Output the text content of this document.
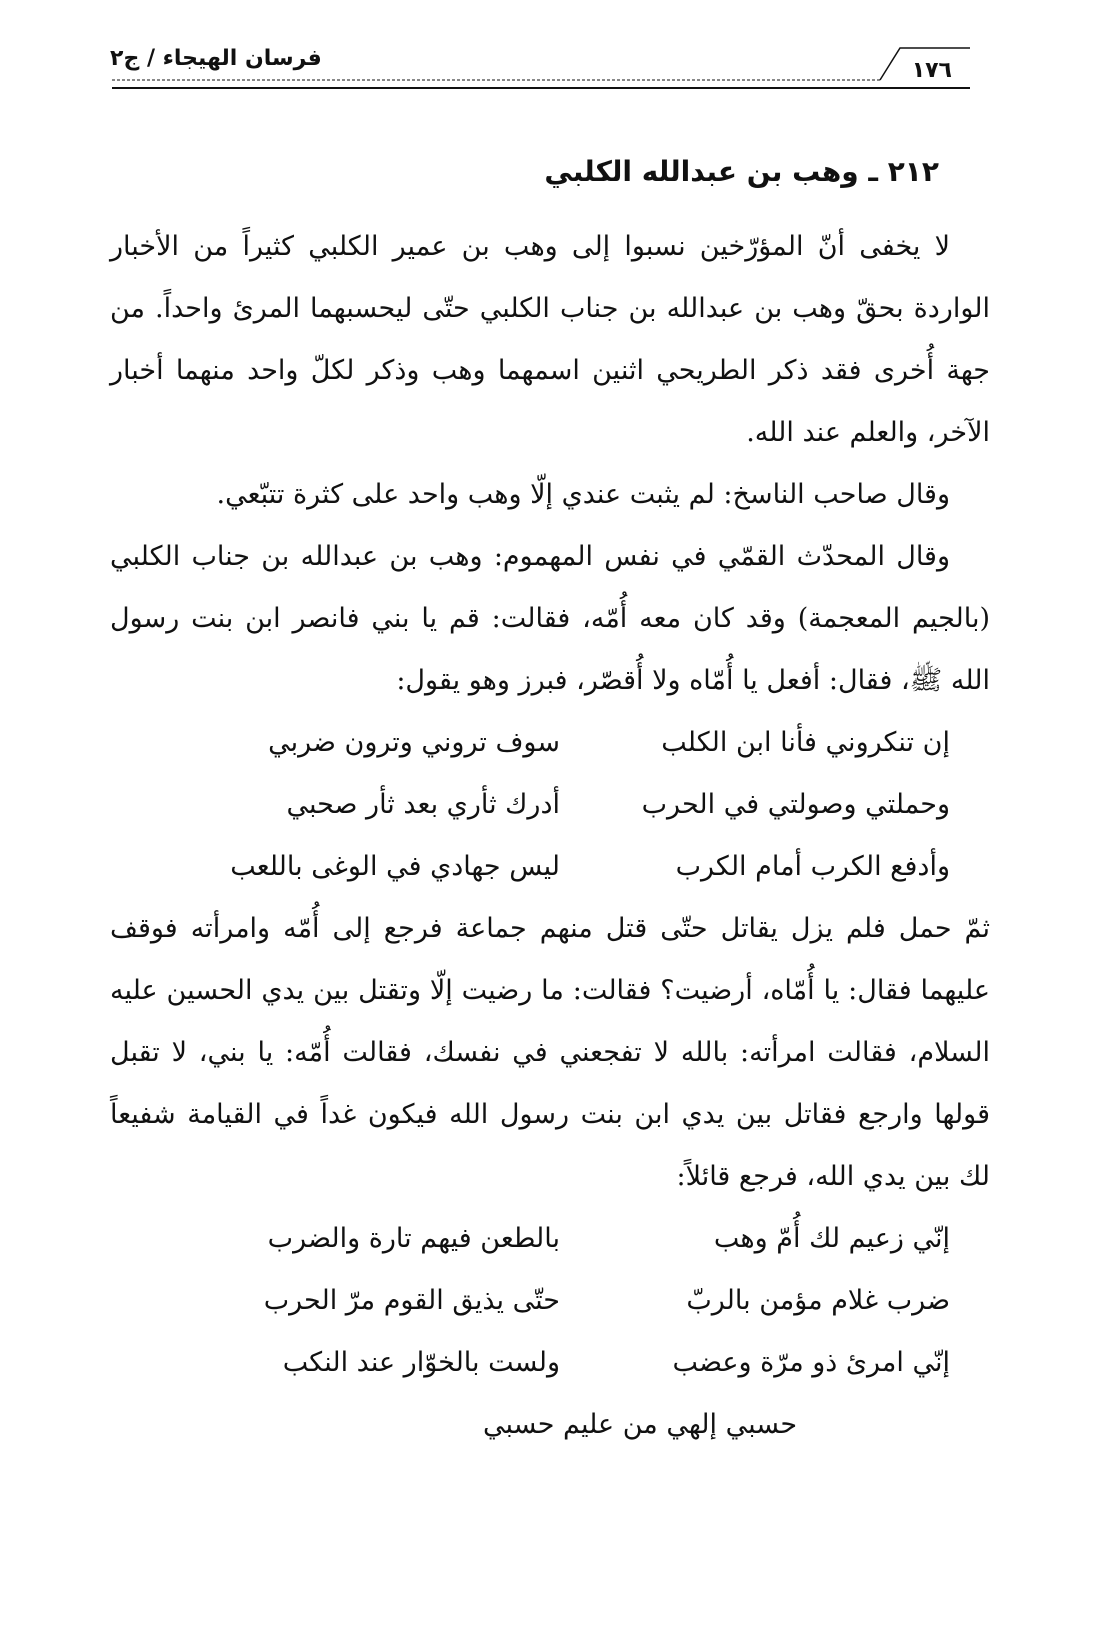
فرسان الهيجاء / ج٢	١٧٦
٢١٢ ـ وهب بن عبدالله الكلبي

لا يخفى أنّ المؤرّخين نسبوا إلى وهب بن عمير الكلبي كثيراً من الأخبار الواردة بحقّ وهب بن عبدالله بن جناب الكلبي حتّى ليحسبهما المرئ واحداً. من جهة أُخرى فقد ذكر الطريحي اثنين اسمهما وهب وذكر لكلّ واحد منهما أخبار الآخر، والعلم عند الله.

وقال صاحب الناسخ: لم يثبت عندي إلّا وهب واحد على كثرة تتبّعي.

وقال المحدّث القمّي في نفس المهموم: وهب بن عبدالله بن جناب الكلبي (بالجيم المعجمة) وقد كان معه أُمّه، فقالت: قم يا بني فانصر ابن بنت رسول الله ﷺ، فقال: أفعل يا أُمّاه ولا أُقصّر، فبرز وهو يقول:

إن تنكروني فأنا ابن الكلب
سوف تروني وترون ضربي
وحملتي وصولتي في الحرب
أدرك ثأري بعد ثأر صحبي
وأدفع الكرب أمام الكرب
ليس جهادي في الوغى باللعب

ثمّ حمل فلم يزل يقاتل حتّى قتل منهم جماعة فرجع إلى أُمّه وامرأته فوقف عليهما فقال: يا أُمّاه، أرضيت؟ فقالت: ما رضيت إلّا وتقتل بين يدي الحسين عليه السلام، فقالت امرأته: بالله لا تفجعني في نفسك، فقالت أُمّه: يا بني، لا تقبل قولها وارجع فقاتل بين يدي ابن بنت رسول الله فيكون غداً في القيامة شفيعاً لك بين يدي الله، فرجع قائلاً:

إنّي زعيم لك أُمّ وهب
بالطعن فيهم تارة والضرب
ضرب غلام مؤمن بالربّ
حتّى يذيق القوم مرّ الحرب
إنّي امرئ ذو مرّة وعضب
ولست بالخوّار عند النكب
حسبي إلهي من عليم حسبي
